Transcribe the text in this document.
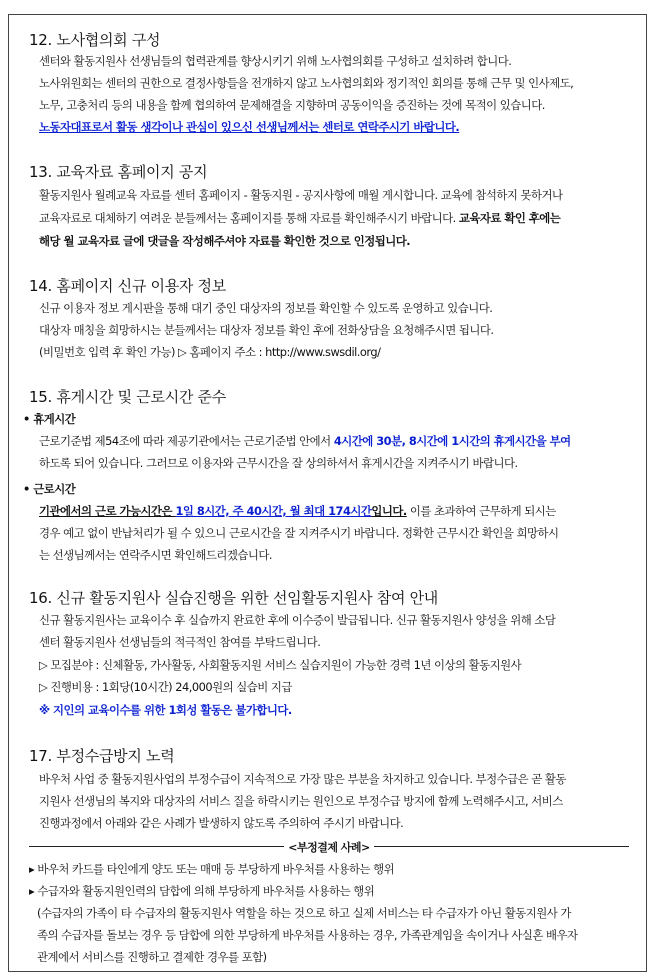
12. 노사협의회 구성
센터와 활동지원사 선생님들의 협력관계를 향상시키기 위해 노사협의회를 구성하고 설치하려 합니다.
노사위원회는 센터의 권한으로 결정사항들을 전개하지 않고 노사협의회와 정기적인 회의를 통해 근무 및 인사제도,
노무, 고충처리 등의 내용을 함께 협의하여 문제해결을 지향하며 공동이익을 증진하는 것에 목적이 있습니다.
노동자대표로서 활동 생각이나 관심이 있으신 선생님께서는 센터로 연락주시기 바랍니다.
13. 교육자료 홈페이지 공지
활동지원사 월례교육 자료를 센터 홈페이지 - 활동지원 - 공지사항에 매월 게시합니다. 교육에 참석하지 못하거나
교육자료로 대체하기 여려운 분들께서는 홈페이지를 통해 자료를 확인해주시기 바랍니다. 교육자료 확인 후에는
해당 월 교육자료 글에 댓글을 작성해주셔야 자료를 확인한 것으로 인정됩니다.
14. 홈페이지 신규 이용자 정보
신규 이용자 정보 게시판을 통해 대기 중인 대상자의 정보를 확인할 수 있도록 운영하고 있습니다.
대상자 매칭을 희망하시는 분들께서는 대상자 정보를 확인 후에 전화상담을 요청해주시면 됩니다.
(비밀번호 입력 후 확인 가능) ▷ 홈페이지 주소 : http://www.swsdil.org/
15. 휴게시간 및 근로시간 준수
• 휴게시간
근로기준법 제54조에 따라 제공기관에서는 근로기준법 안에서 4시간에 30분, 8시간에 1시간의 휴게시간을 부여
하도록 되어 있습니다. 그러므로 이용자와 근무시간을 잘 상의하셔서 휴게시간을 지켜주시기 바랍니다.
• 근로시간
기관에서의 근로 가능시간은 1일 8시간, 주 40시간, 월 최대 174시간입니다. 이를 초과하여 근무하게 되시는
경우 예고 없이 반납처리가 될 수 있으니 근로시간을 잘 지켜주시기 바랍니다. 정확한 근무시간 확인을 희망하시
는 선생님께서는 연락주시면 확인해드리겠습니다.
16. 신규 활동지원사 실습진행을 위한 선임활동지원사 참여 안내
신규 활동지원사는 교육이수 후 실습까지 완료한 후에 이수증이 발급됩니다. 신규 활동지원사 양성을 위해 소담
센터 활동지원사 선생님들의 적극적인 참여를 부탁드립니다.
▷ 모집분야 : 신체활동, 가사활동, 사회활동지원 서비스 실습지원이 가능한 경력 1년 이상의 활동지원사
▷ 진행비용 : 1회당(10시간) 24,000원의 실습비 지급
※ 지인의 교육이수를 위한 1회성 활동은 불가합니다.
17. 부정수급방지 노력
바우처 사업 중 활동지원사업의 부정수급이 지속적으로 가장 많은 부분을 차지하고 있습니다. 부정수급은 곧 활동
지원사 선생님의 복지와 대상자의 서비스 질을 하락시키는 원인으로 부정수급 방지에 함께 노력해주시고, 서비스
진행과정에서 아래와 같은 사례가 발생하지 않도록 주의하여 주시기 바랍니다.
<부정결제 사례>
▸ 바우처 카드를 타인에게 양도 또는 매매 등 부당하게 바우처를 사용하는 행위
▸ 수급자와 활동지원인력의 담합에 의해 부당하게 바우처를 사용하는 행위
(수급자의 가족이 타 수급자의 활동지원사 역할을 하는 것으로 하고 실제 서비스는 타 수급자가 아닌 활동지원사 가
족의 수급자를 돌보는 경우 등 담합에 의한 부당하게 바우처를 사용하는 경우, 가족관계임을 속이거나 사실혼 배우자
관계에서 서비스를 진행하고 결제한 경우를 포함)
